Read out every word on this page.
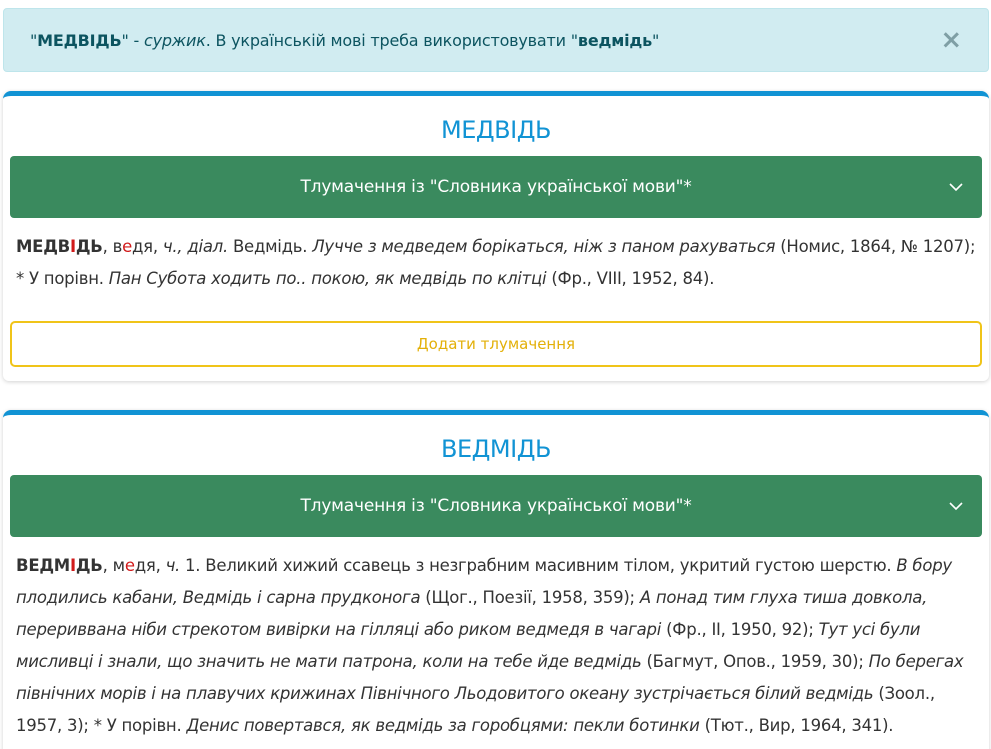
"МЕДВІДЬ" - суржик. В українській мові треба використовувати "ведмідь"	×
МЕДВІДЬ
Тлумачення із "Словника української мови"*
МЕДВІДЬ, ведя, ч., діал. Ведмідь. Лучче з медведем борікаться, ніж з паном рахуваться (Номис, 1864, № 1207); * У порівн. Пан Субота ходить по.. покою, як медвідь по клітці (Фр., VIII, 1952, 84).
Додати тлумачення
ВЕДМІДЬ
Тлумачення із "Словника української мови"*
ВЕДМІДЬ, медя, ч. 1. Великий хижий ссавець з незграбним масивним тілом, укритий густою шерстю. В бору плодились кабани, Ведмідь і сарна прудконога (Щог., Поезії, 1958, 359); А понад тим глуха тиша довкола, перериввана ніби стрекотом вивірки на гілляці або риком ведмедя в чагарі (Фр., II, 1950, 92); Тут усі були мисливці і знали, що значить не мати патрона, коли на тебе йде ведмідь (Багмут, Опов., 1959, 30); По берегах північних морів і на плавучих крижинах Північного Льодовитого океану зустрічається білий ведмідь (Зоол., 1957, 3); * У порівн. Денис повертався, як ведмідь за горобцями: пекли ботинки (Тют., Вир, 1964, 341).
